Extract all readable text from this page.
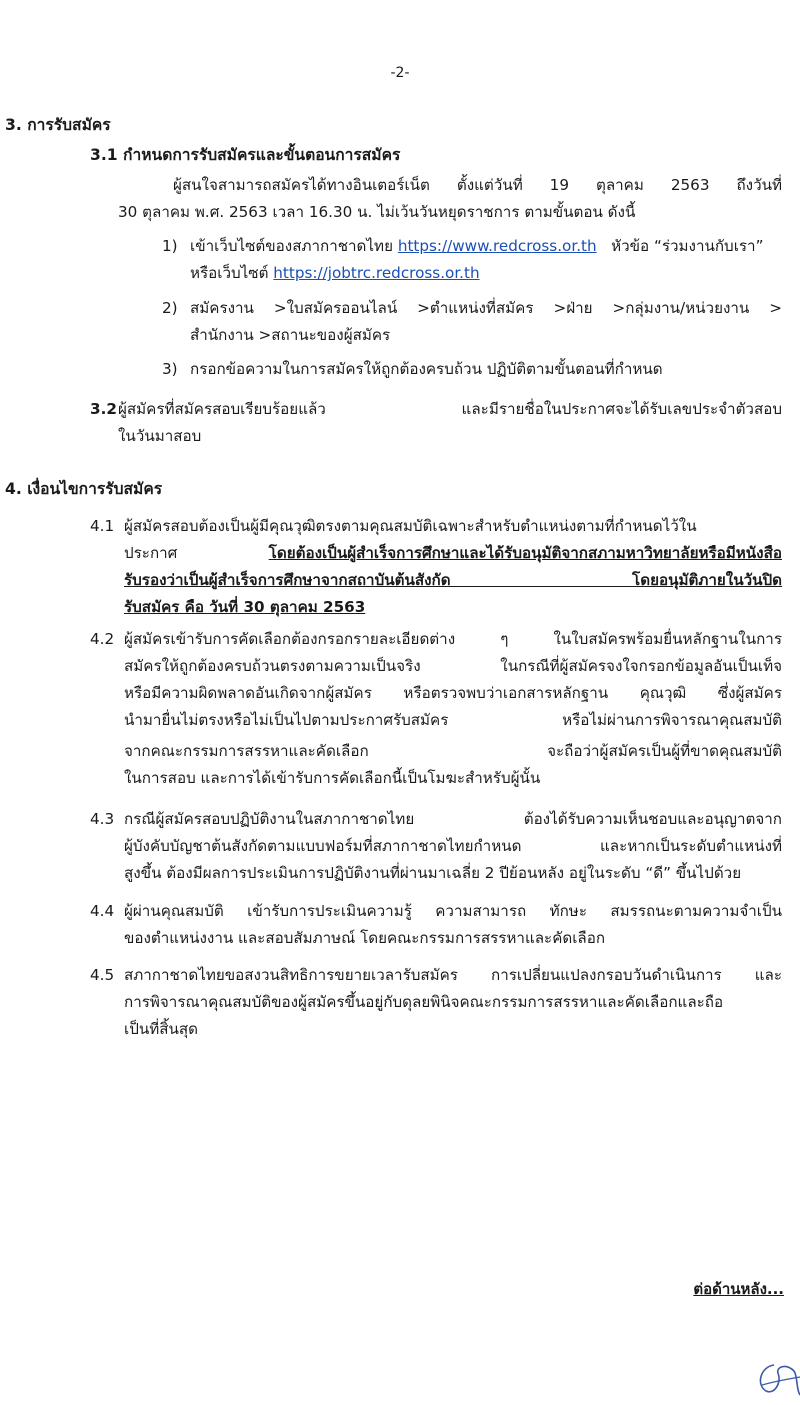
-2-
3. การรับสมัคร
3.1 กำหนดการรับสมัครและขั้นตอนการสมัคร
ผู้สนใจสามารถสมัครได้ทางอินเตอร์เน็ต ตั้งแต่วันที่ 19 ตุลาคม 2563 ถึงวันที่
30 ตุลาคม พ.ศ. 2563 เวลา 16.30 น. ไม่เว้นวันหยุดราชการ ตามขั้นตอน ดังนี้
1) เข้าเว็บไซต์ของสภากาชาดไทย https://www.redcross.or.th หัวข้อ “ร่วมงานกับเรา”
หรือเว็บไซต์ https://jobtrc.redcross.or.th
2) สมัครงาน >ใบสมัครออนไลน์ >ตำแหน่งที่สมัคร >ฝ่าย >กลุ่มงาน/หน่วยงาน >
สำนักงาน >สถานะของผู้สมัคร
3) กรอกข้อความในการสมัครให้ถูกต้องครบถ้วน ปฏิบัติตามขั้นตอนที่กำหนด
3.2 ผู้สมัครที่สมัครสอบเรียบร้อยแล้ว และมีรายชื่อในประกาศจะได้รับเลขประจำตัวสอบ
ในวันมาสอบ
4. เงื่อนไขการรับสมัคร
4.1 ผู้สมัครสอบต้องเป็นผู้มีคุณวุฒิตรงตามคุณสมบัติเฉพาะสำหรับตำแหน่งตามที่กำหนดไว้ใน
ประกาศ	โดยต้องเป็นผู้สำเร็จการศึกษาและได้รับอนุมัติจากสภามหาวิทยาลัยหรือมีหนังสือ
รับรองว่าเป็นผู้สำเร็จการศึกษาจากสถาบันต้นสังกัด โดยอนุมัติภายในวันปิด
รับสมัคร คือ วันที่ 30 ตุลาคม 2563
4.2 ผู้สมัครเข้ารับการคัดเลือกต้องกรอกรายละเอียดต่าง ๆ ในใบสมัครพร้อมยื่นหลักฐานในการ
สมัครให้ถูกต้องครบถ้วนตรงตามความเป็นจริง ในกรณีที่ผู้สมัครจงใจกรอกข้อมูลอันเป็นเท็จ
หรือมีความผิดพลาดอันเกิดจากผู้สมัคร หรือตรวจพบว่าเอกสารหลักฐาน คุณวุฒิ ซึ่งผู้สมัคร
นำมายื่นไม่ตรงหรือไม่เป็นไปตามประกาศรับสมัคร หรือไม่ผ่านการพิจารณาคุณสมบัติ
จากคณะกรรมการสรรหาและคัดเลือก จะถือว่าผู้สมัครเป็นผู้ที่ขาดคุณสมบัติ
ในการสอบ และการได้เข้ารับการคัดเลือกนี้เป็นโมฆะสำหรับผู้นั้น
4.3 กรณีผู้สมัครสอบปฏิบัติงานในสภากาชาดไทย ต้องได้รับความเห็นชอบและอนุญาตจาก
ผู้บังคับบัญชาต้นสังกัดตามแบบฟอร์มที่สภากาชาดไทยกำหนด และหากเป็นระดับตำแหน่งที่
สูงขึ้น ต้องมีผลการประเมินการปฏิบัติงานที่ผ่านมาเฉลี่ย 2 ปีย้อนหลัง อยู่ในระดับ “ดี” ขึ้นไปด้วย
4.4 ผู้ผ่านคุณสมบัติ เข้ารับการประเมินความรู้ ความสามารถ ทักษะ สมรรถนะตามความจำเป็น
ของตำแหน่งงาน และสอบสัมภาษณ์ โดยคณะกรรมการสรรหาและคัดเลือก
4.5 สภากาชาดไทยขอสงวนสิทธิการขยายเวลารับสมัคร การเปลี่ยนแปลงกรอบวันดำเนินการ และ
การพิจารณาคุณสมบัติของผู้สมัครขึ้นอยู่กับดุลยพินิจคณะกรรมการสรรหาและคัดเลือกและถือ
เป็นที่สิ้นสุด
ต่อด้านหลัง...
